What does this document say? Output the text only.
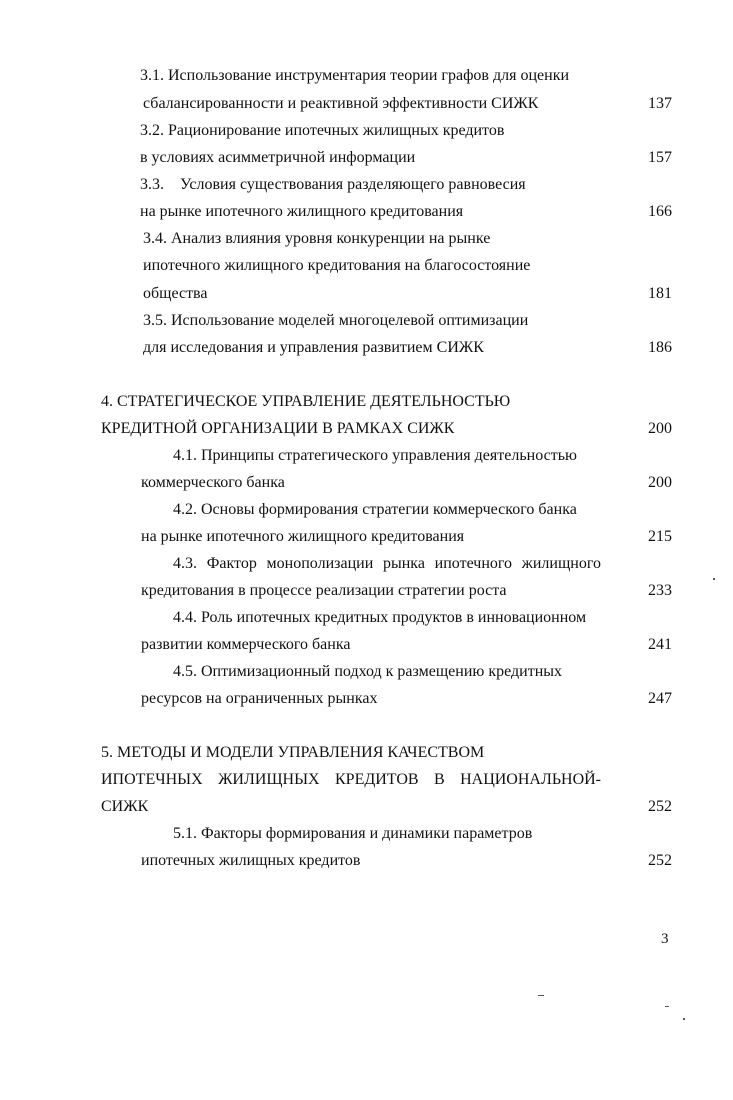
3.1. Использование инструментария теории графов для оценки

сбалансированности и реактивной эффективности СИЖК	137

3.2. Рационирование ипотечных жилищных кредитов

в условиях асимметричной информации	157

3.3.    Условия существования разделяющего равновесия

на рынке ипотечного жилищного кредитования	166

3.4. Анализ влияния уровня конкуренции на рынке

ипотечного жилищного кредитования на благосостояние

общества	181

3.5. Использование моделей многоцелевой оптимизации

для исследования и управления развитием СИЖК	186

4. СТРАТЕГИЧЕСКОЕ УПРАВЛЕНИЕ ДЕЯТЕЛЬНОСТЬЮ

КРЕДИТНОЙ ОРГАНИЗАЦИИ В РАМКАХ СИЖК	200

4.1. Принципы стратегического управления деятельностью

коммерческого банка	200

4.2. Основы формирования стратегии коммерческого банка

на рынке ипотечного жилищного кредитования	215

4.3. Фактор монополизации рынка ипотечного жилищного

кредитования в процессе реализации стратегии роста	233

4.4. Роль ипотечных кредитных продуктов в инновационном

развитии коммерческого банка	241

4.5. Оптимизационный подход к размещению кредитных

ресурсов на ограниченных рынках	247

5. МЕТОДЫ И МОДЕЛИ УПРАВЛЕНИЯ КАЧЕСТВОМ

ИПОТЕЧНЫХ ЖИЛИЩНЫХ КРЕДИТОВ В НАЦИОНАЛЬНОЙ-

СИЖК	252

5.1. Факторы формирования и динамики параметров

ипотечных жилищных кредитов	252
3
